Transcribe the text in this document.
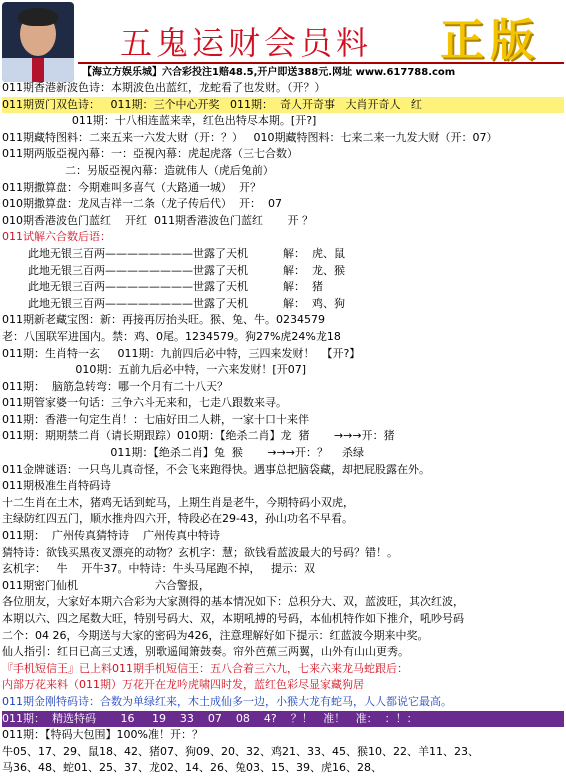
五鬼运财会员料 正版
【海立方娱乐城】六合彩投注1赔48.5,开户即送388元.网址 www.617788.com
011期香港新波色诗：本期波色出蓝红，龙蛇看了也发财。（开？）
011期贾门双色诗：   011期：三个中心开奖   011期：  奇人开奇事   大肖开奇人   红
011期：十八相连蓝来幸，红色出特尽本期。[开?]
011期藏特图料：二来五来一六发大财（开：？）   010期藏特图料：七来二来一九发大财（开：07）
011期两版亞視內幕：一：亞視內幕：虎起虎落（三七合数）
二：另版亞視內幕：造就伟人（虎后兔前）
011期撒算盘：今期难叫多喜气（大路通一城）  开？
010期撒算盘：龙凤吉祥一二条（龙子传后代）  开：  07
010期香港波色门蓝红    开红  011期香港波色门蓝红       开 ？
011试解六合数后语：
此地无银三百两————————世露了天机          解：  虎、鼠
此地无银三百两————————世露了天机          解：  龙、猴
此地无银三百两————————世露了天机          解：  猪
此地无银三百两————————世露了天机          解：  鸡、狗
011期新老藏宝图：新：再接再厉抬头旺。猴、兔、牛。0234579
老：八国联军进国内。禁：鸡、0尾。1234579。狗27%虎24%龙18
011期：生肖特一玄     011期：九前四后必中特，三四来发财！  【开?】
010期：五前九后必中特，一六来发财！[开07]
011期：  脑筋急转弯：哪一个月有二十八天？
011期管家婆一句话：三争六斗无来和，七走八跟数来寻。
011期：香港一句定生肖！：七庙好田二人耕，一家十口十来伴
011期：期期禁二肖（请长期跟踪）010期：【绝杀二肖】龙  猪       →→→开：猪
011期：【绝杀二肖】兔  猴       →→→开：？    杀绿
011金牌谜语：一只鸟儿真奇怪，不会飞来跑得快。遇事总把脑袋藏，却把屁股露在外。
011期极准生肖特码诗
十二生肖在土木，猪鸡无话到蛇马，上期生肖是老牛，今期特码小双虎，
主绿防红四五门，顺水推舟四六开，特段必在29-43，孙山功名不早看。
011期：  广州传真猜特诗    广州传真中特诗
猜特诗：欲钱买黑夜叉漂亮的动物？玄机字：慧；欲钱看蓝波最大的号码？错！。
玄机字：   牛    开牛37。中特诗：牛头马尾跑不掉，   提示：双
011期密门仙机                      六合警报，
各位朋友，大家好本期六合彩为大家测得的基本情况如下：总积分大、双，蓝波旺，其次红波，
本期以六、四之尾数大旺，特别号码大、双，本期吼搏的号码，本仙机特作如下推介，吼吵号码
二个：04 26，今期送与大家的密码为426，注意理解好如下提示：红蓝波今期来中奖。
仙人指引：红日已高三丈透，别歌遥闻箫鼓奏。帘外芭蕉三两翼，山外有山山更秀。
『手机短信王』已上料011期手机短信王：五八合着三六九，七来六来龙马蛇跟后：
内部万花来料（011期）万花开在龙吟虎啸四时发，蓝红色彩尽显家藏狗居
011期金刚特码诗：合数为单绿红来，木土成仙多一边，小猴大龙有蛇马，人人都说它最高。
011期：  精选特码       16     19    33    07    08    4?    ？！   准！   准：  ：！：
011期：【特码大包围】100%准！开：？
牛05、17、29、鼠18、42、猪07、狗09、20、32、鸡21、33、45、猴10、22、羊11、23、
马36、48、蛇01、25、37、龙02、14、26、兔03、15、39、虎16、28、
